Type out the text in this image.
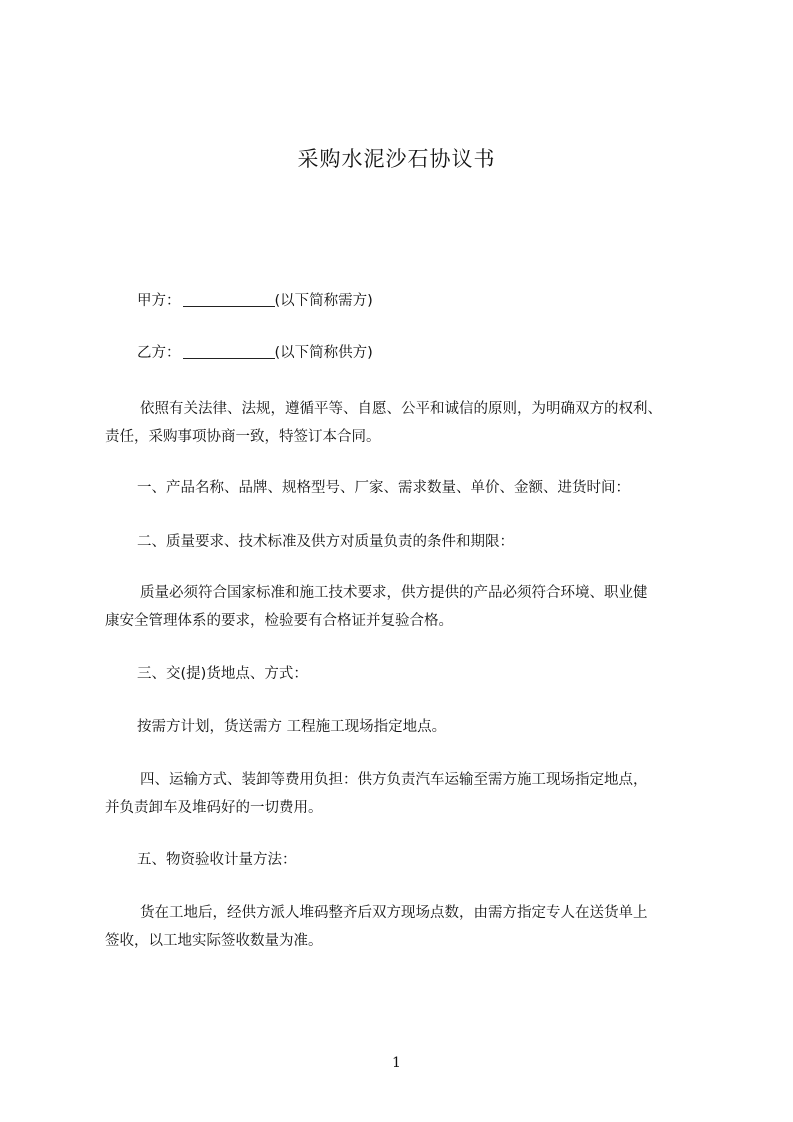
采购水泥沙石协议书
甲方：	(以下简称需方)
乙方：	(以下简称供方)
依照有关法律、法规，遵循平等、自愿、公平和诚信的原则，为明确双方的权利、
责任，采购事项协商一致，特签订本合同。
一、产品名称、品牌、规格型号、厂家、需求数量、单价、金额、进货时间：
二、质量要求、技术标准及供方对质量负责的条件和期限：
质量必须符合国家标准和施工技术要求，供方提供的产品必须符合环境、职业健
康安全管理体系的要求，检验要有合格证并复验合格。
三、交(提)货地点、方式：
按需方计划，货送需方 工程施工现场指定地点。
四、运输方式、装卸等费用负担：供方负责汽车运输至需方施工现场指定地点，
并负责卸车及堆码好的一切费用。
五、物资验收计量方法：
货在工地后，经供方派人堆码整齐后双方现场点数，由需方指定专人在送货单上
签收，以工地实际签收数量为准。
1
